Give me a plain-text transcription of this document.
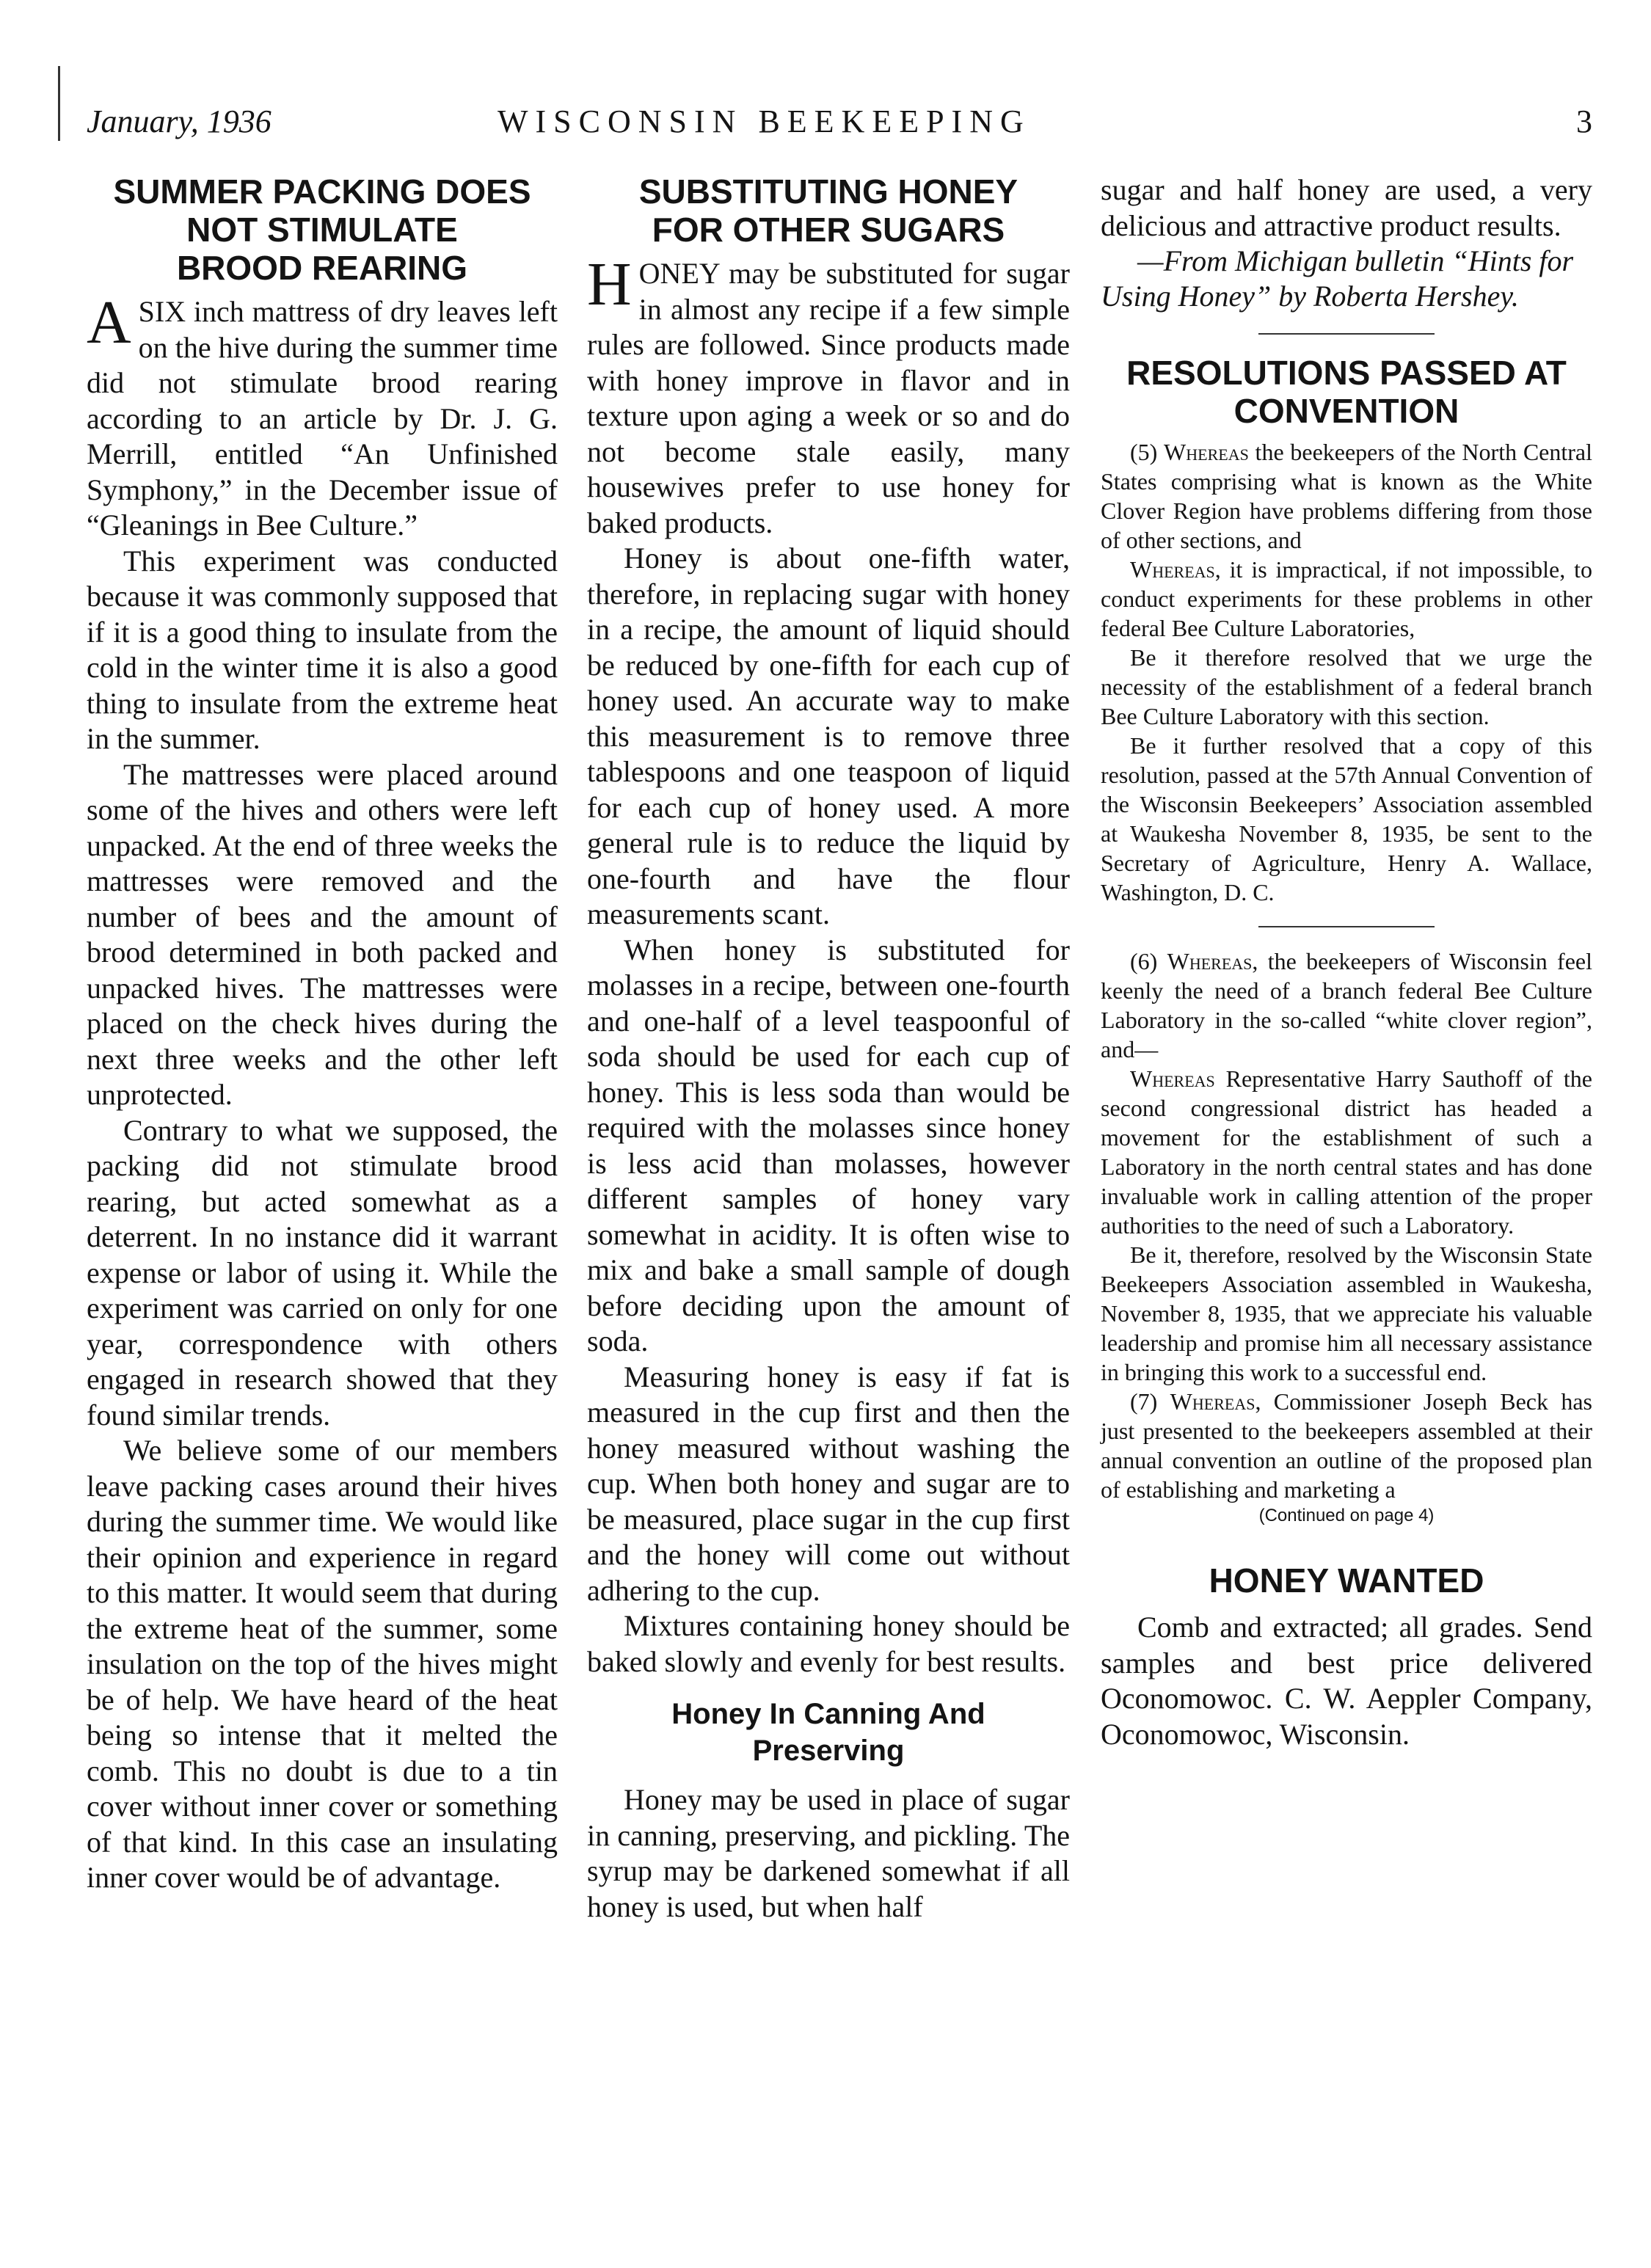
January, 1936	WISCONSIN BEEKEEPING	3
SUMMER PACKING DOES
NOT STIMULATE
BROOD REARING

ASIX inch mattress of dry leaves left on the hive during the summer time did not stimulate brood rearing according to an article by Dr. J. G. Merrill, entitled “An Unfinished Symphony,” in the December issue of “Gleanings in Bee Culture.”

This experiment was conducted because it was commonly supposed that if it is a good thing to insulate from the cold in the winter time it is also a good thing to insulate from the extreme heat in the summer.

The mattresses were placed around some of the hives and others were left unpacked. At the end of three weeks the mattresses were removed and the number of bees and the amount of brood determined in both packed and unpacked hives. The mattresses were placed on the check hives during the next three weeks and the other left unprotected.

Contrary to what we supposed, the packing did not stimulate brood rearing, but acted somewhat as a deterrent. In no instance did it warrant expense or labor of using it. While the experiment was carried on only for one year, correspondence with others engaged in research showed that they found similar trends.

We believe some of our members leave packing cases around their hives during the summer time. We would like their opinion and experience in regard to this matter. It would seem that during the extreme heat of the summer, some insulation on the top of the hives might be of help. We have heard of the heat being so intense that it melted the comb. This no doubt is due to a tin cover without inner cover or something of that kind. In this case an insulating inner cover would be of advantage.

SUBSTITUTING HONEY
FOR OTHER SUGARS

HONEY may be substituted for sugar in almost any recipe if a few simple rules are followed. Since products made with honey improve in flavor and in texture upon aging a week or so and do not become stale easily, many housewives prefer to use honey for baked products.

Honey is about one-fifth water, therefore, in replacing sugar with honey in a recipe, the amount of liquid should be reduced by one-fifth for each cup of honey used. An accurate way to make this measurement is to remove three tablespoons and one teaspoon of liquid for each cup of honey used. A more general rule is to reduce the liquid by one-fourth and have the flour measurements scant.

When honey is substituted for molasses in a recipe, between one-fourth and one-half of a level teaspoonful of soda should be used for each cup of honey. This is less soda than would be required with the molasses since honey is less acid than molasses, however different samples of honey vary somewhat in acidity. It is often wise to mix and bake a small sample of dough before deciding upon the amount of soda.

Measuring honey is easy if fat is measured in the cup first and then the honey measured without washing the cup. When both honey and sugar are to be measured, place sugar in the cup first and the honey will come out without adhering to the cup.

Mixtures containing honey should be baked slowly and evenly for best results.

Honey In Canning And
Preserving

Honey may be used in place of sugar in canning, preserving, and pickling. The syrup may be darkened somewhat if all honey is used, but when half

sugar and half honey are used, a very delicious and attractive product results.

—From Michigan bulletin “Hints for Using Honey” by Roberta Hershey.

RESOLUTIONS PASSED AT
CONVENTION

(5) Whereas the beekeepers of the North Central States comprising what is known as the White Clover Region have problems differing from those of other sections, and

Whereas, it is impractical, if not impossible, to conduct experiments for these problems in other federal Bee Culture Laboratories,

Be it therefore resolved that we urge the necessity of the establishment of a federal branch Bee Culture Laboratory with this section.

Be it further resolved that a copy of this resolution, passed at the 57th Annual Convention of the Wisconsin Beekeepers’ Association assembled at Waukesha November 8, 1935, be sent to the Secretary of Agriculture, Henry A. Wallace, Washington, D. C.

(6) Whereas, the beekeepers of Wisconsin feel keenly the need of a branch federal Bee Culture Laboratory in the so-called “white clover region”, and—

Whereas Representative Harry Sauthoff of the second congressional district has headed a movement for the establishment of such a Laboratory in the north central states and has done invaluable work in calling attention of the proper authorities to the need of such a Laboratory.

Be it, therefore, resolved by the Wisconsin State Beekeepers Association assembled in Waukesha, November 8, 1935, that we appreciate his valuable leadership and promise him all necessary assistance in bringing this work to a successful end.

(7) Whereas, Commissioner Joseph Beck has just presented to the beekeepers assembled at their annual convention an outline of the proposed plan of establishing and marketing a

(Continued on page 4)
HONEY WANTED

Comb and extracted; all grades. Send samples and best price delivered Oconomowoc. C. W. Aeppler Company, Oconomowoc, Wisconsin.
